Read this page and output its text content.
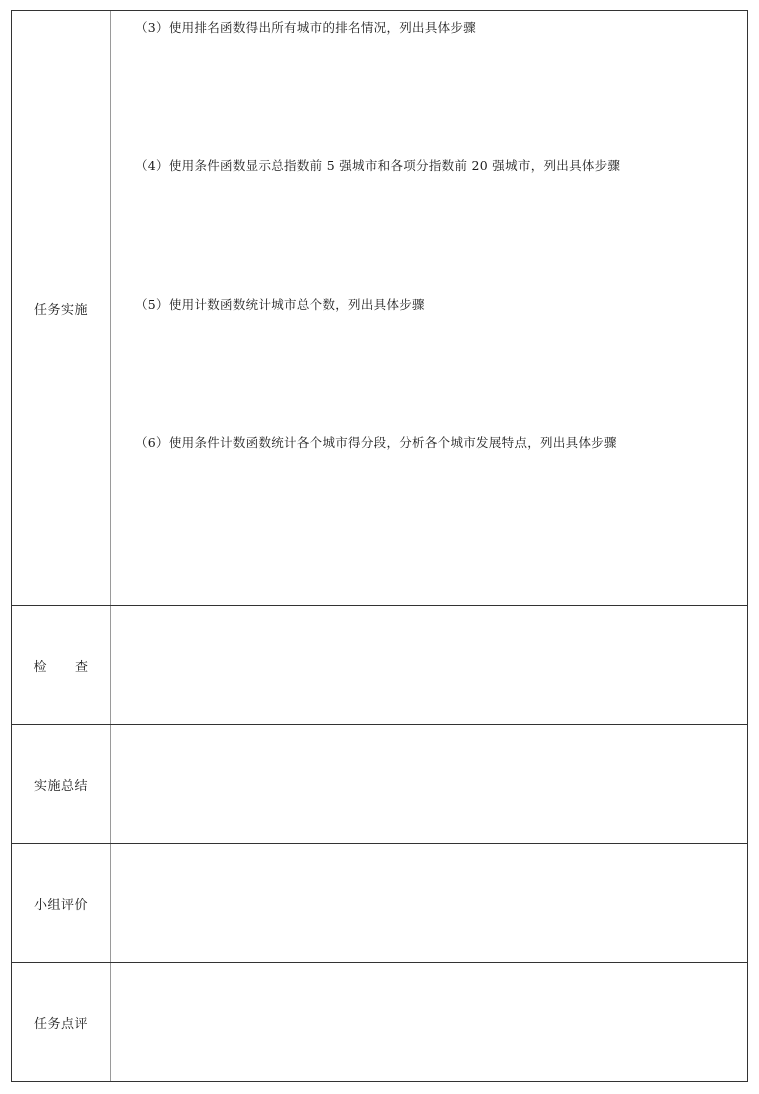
任务实施
（3）使用排名函数得出所有城市的排名情况，列出具体步骤
（4）使用条件函数显示总指数前 5 强城市和各项分指数前 20 强城市，列出具体步骤
（5）使用计数函数统计城市总个数，列出具体步骤
（6）使用条件计数函数统计各个城市得分段，分析各个城市发展特点，列出具体步骤
检 查
实施总结
小组评价
任务点评
